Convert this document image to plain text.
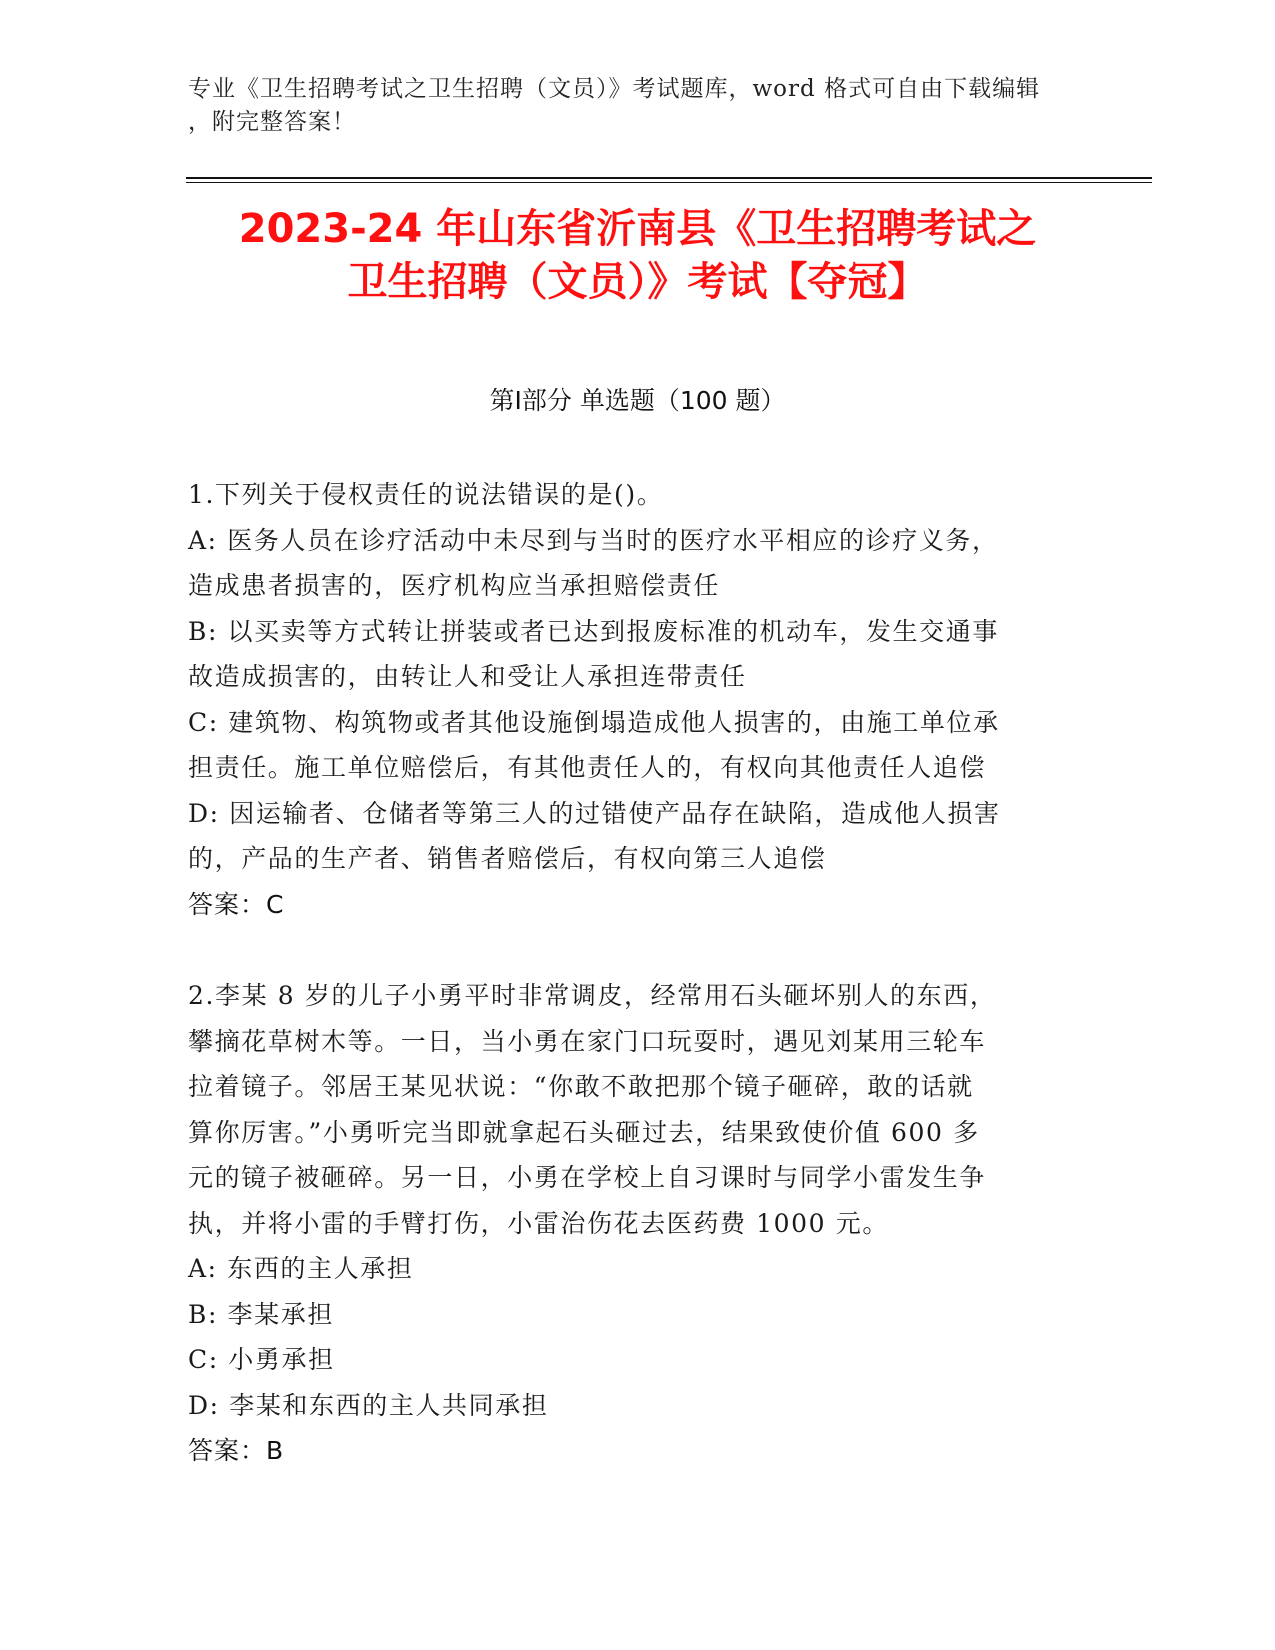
专业《卫生招聘考试之卫生招聘（文员）》考试题库，word 格式可自由下载编辑
，附完整答案！
2023-24 年山东省沂南县《卫生招聘考试之
卫生招聘（文员）》考试【夺冠】
第Ⅰ部分 单选题（100 题）
1.下列关于侵权责任的说法错误的是()。
A: 医务人员在诊疗活动中未尽到与当时的医疗水平相应的诊疗义务，
造成患者损害的，医疗机构应当承担赔偿责任
B: 以买卖等方式转让拼装或者已达到报废标准的机动车，发生交通事
故造成损害的，由转让人和受让人承担连带责任
C: 建筑物、构筑物或者其他设施倒塌造成他人损害的，由施工单位承
担责任。施工单位赔偿后，有其他责任人的，有权向其他责任人追偿
D: 因运输者、仓储者等第三人的过错使产品存在缺陷，造成他人损害
的，产品的生产者、销售者赔偿后，有权向第三人追偿
答案：C
2.李某 8 岁的儿子小勇平时非常调皮，经常用石头砸坏别人的东西，
攀摘花草树木等。一日，当小勇在家门口玩耍时，遇见刘某用三轮车
拉着镜子。邻居王某见状说：“你敢不敢把那个镜子砸碎，敢的话就
算你厉害。”小勇听完当即就拿起石头砸过去，结果致使价值 600 多
元的镜子被砸碎。另一日，小勇在学校上自习课时与同学小雷发生争
执，并将小雷的手臂打伤，小雷治伤花去医药费 1000 元。
A: 东西的主人承担
B: 李某承担
C: 小勇承担
D: 李某和东西的主人共同承担
答案：B
